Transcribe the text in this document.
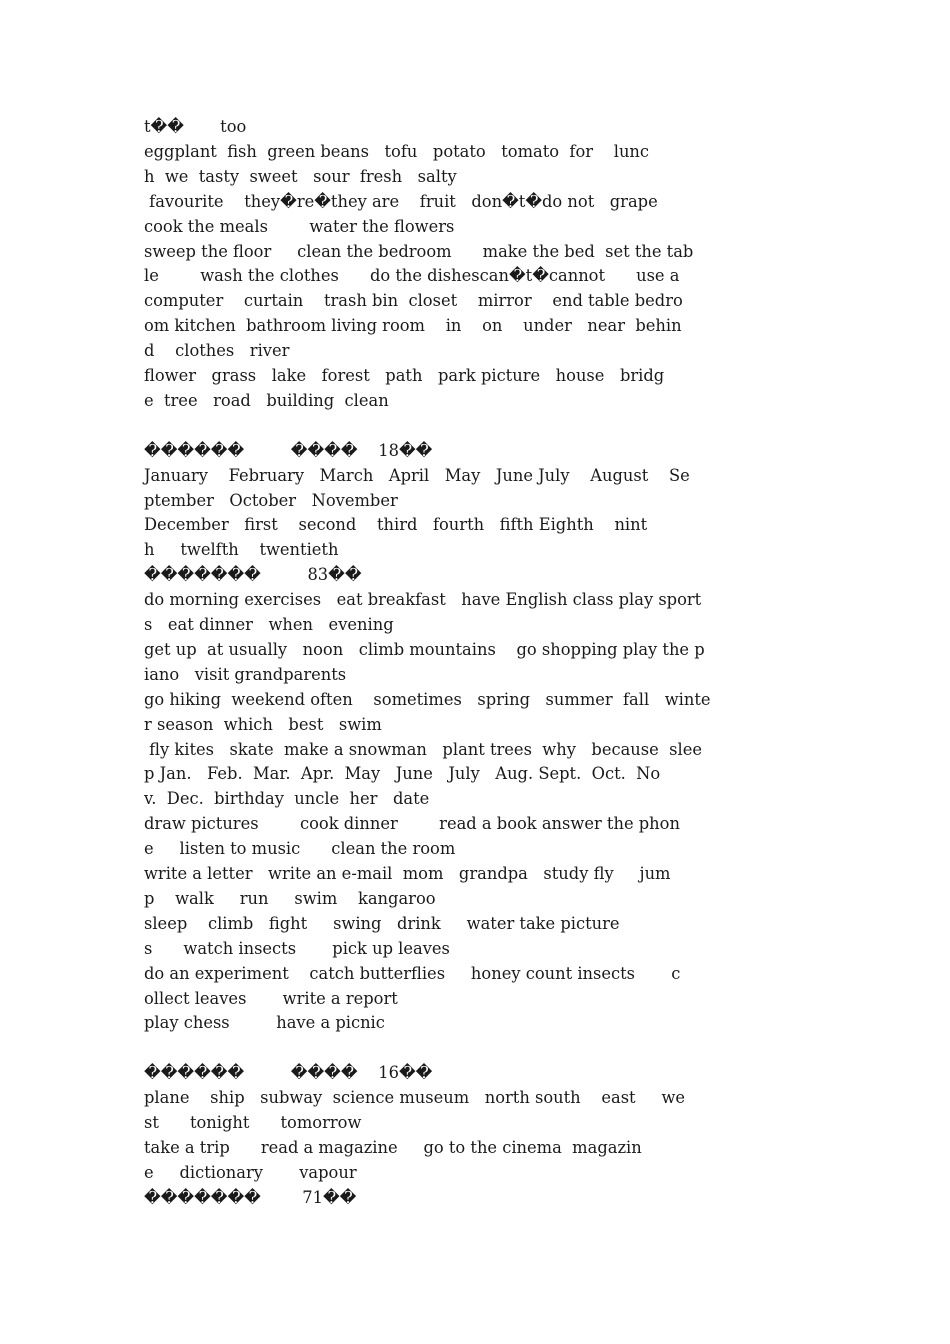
t��       too
eggplant  fish  green beans   tofu   potato   tomato  for    lunc
h  we  tasty  sweet   sour  fresh   salty
favourite    they�re�they are    fruit   don�t�do not   grape
cook the meals        water the flowers
sweep the floor     clean the bedroom      make the bed  set the tab
le        wash the clothes      do the dishescan�t�cannot      use a
computer    curtain    trash bin  closet    mirror    end table bedro
om kitchen  bathroom living room    in    on    under   near  behin
d    clothes   river
flower   grass   lake   forest   path   park picture   house   bridg
e  tree   road   building  clean
������         ����    18��
January    February   March   April   May   June July    August    Se
ptember   October   November
December   first    second    third   fourth   fifth Eighth    nint
h     twelfth    twentieth
�������         83��
do morning exercises   eat breakfast   have English class play sport
s   eat dinner   when   evening
get up  at usually   noon   climb mountains    go shopping play the p
iano   visit grandparents
go hiking  weekend often    sometimes   spring   summer  fall   winte
r season  which   best   swim
fly kites   skate  make a snowman   plant trees  why   because  slee
p Jan.   Feb.  Mar.  Apr.  May   June   July   Aug. Sept.  Oct.  No
v.  Dec.  birthday  uncle  her   date
draw pictures        cook dinner        read a book answer the phon
e     listen to music      clean the room
write a letter   write an e-mail  mom   grandpa   study fly     jum
p    walk     run     swim    kangaroo
sleep    climb   fight     swing   drink     water take picture
s      watch insects       pick up leaves
do an experiment    catch butterflies     honey count insects       c
ollect leaves       write a report
play chess         have a picnic
������         ����    16��
plane    ship   subway  science museum   north south    east     we
st      tonight      tomorrow
take a trip      read a magazine     go to the cinema  magazin
e     dictionary       vapour
�������        71��
